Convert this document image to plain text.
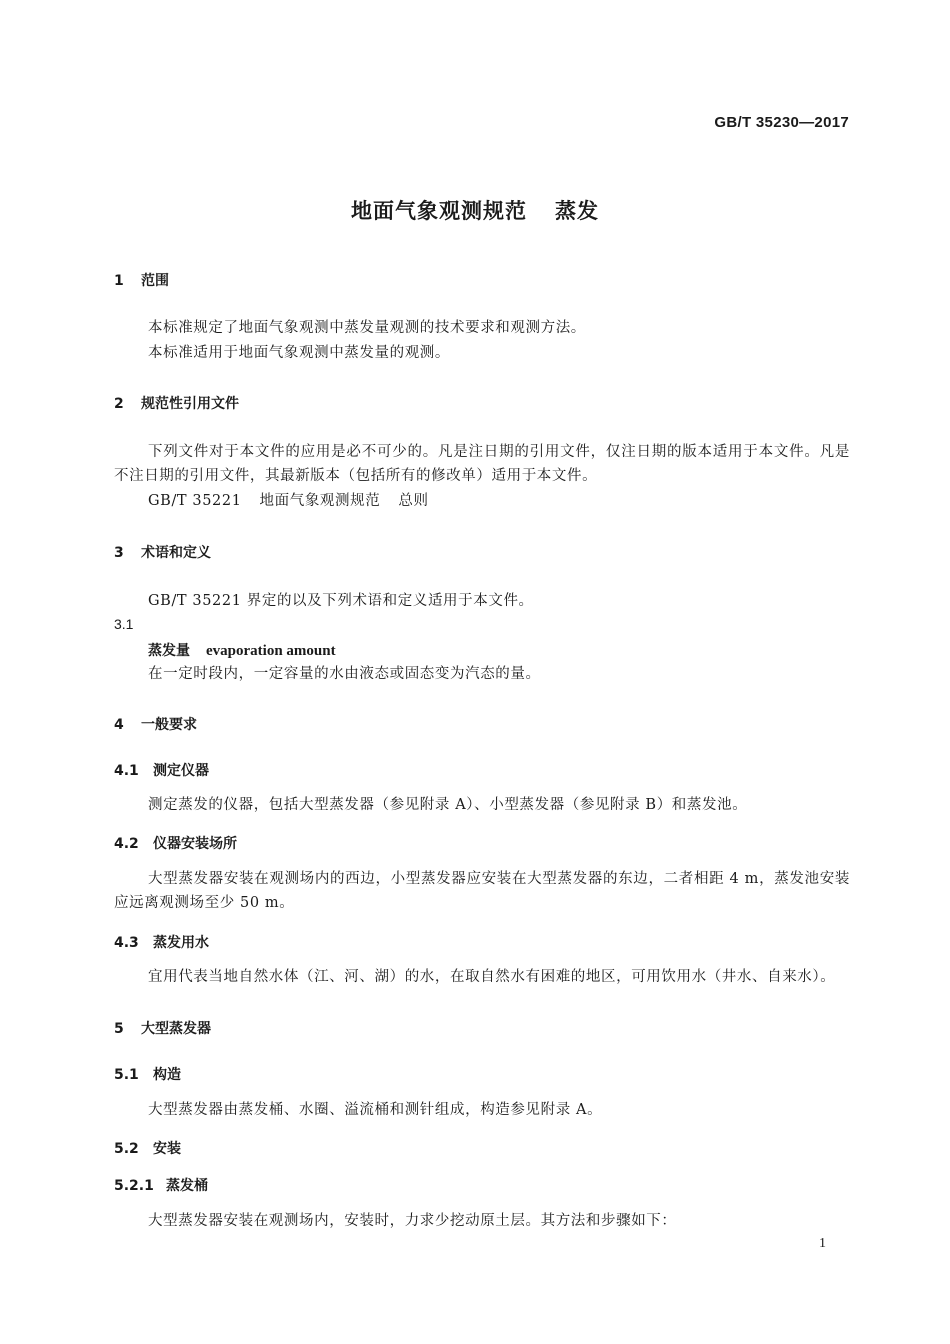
GB/T 35230—2017
地面气象观测规范 蒸发
1 范围
本标准规定了地面气象观测中蒸发量观测的技术要求和观测方法。
本标准适用于地面气象观测中蒸发量的观测。
2 规范性引用文件
下列文件对于本文件的应用是必不可少的。凡是注日期的引用文件，仅注日期的版本适用于本文件。凡是不注日期的引用文件，其最新版本（包括所有的修改单）适用于本文件。
GB/T 35221 地面气象观测规范 总则
3 术语和定义
GB/T 35221 界定的以及下列术语和定义适用于本文件。
3.1
蒸发量 evaporation amount
在一定时段内，一定容量的水由液态或固态变为汽态的量。
4 一般要求
4.1 测定仪器
测定蒸发的仪器，包括大型蒸发器（参见附录 A）、小型蒸发器（参见附录 B）和蒸发池。
4.2 仪器安装场所
大型蒸发器安装在观测场内的西边，小型蒸发器应安装在大型蒸发器的东边，二者相距 4 m，蒸发池安装应远离观测场至少 50 m。
4.3 蒸发用水
宜用代表当地自然水体（江、河、湖）的水，在取自然水有困难的地区，可用饮用水（井水、自来水）。
5 大型蒸发器
5.1 构造
大型蒸发器由蒸发桶、水圈、溢流桶和测针组成，构造参见附录 A。
5.2 安装
5.2.1 蒸发桶
大型蒸发器安装在观测场内，安装时，力求少挖动原土层。其方法和步骤如下：
1
